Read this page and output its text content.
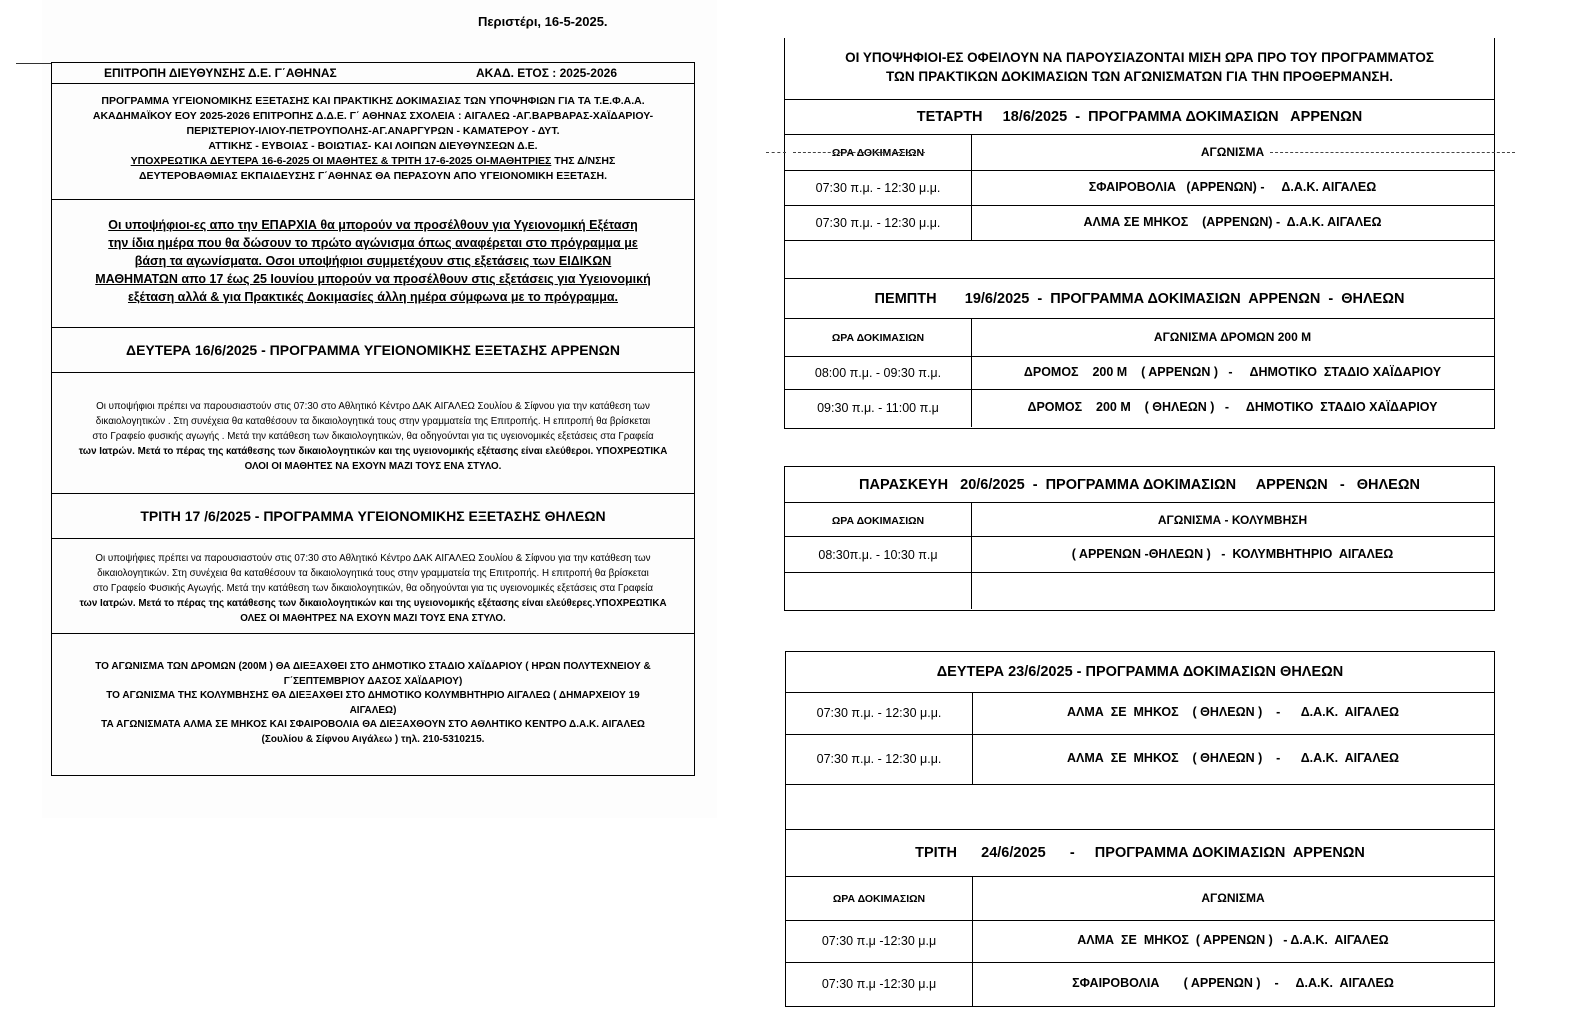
Περιστέρι, 16-5-2025.
ΕΠΙΤΡΟΠΗ ΔΙΕΥΘΥΝΣΗΣ Δ.Ε. Γ΄ΑΘΗΝΑΣ	ΑΚΑΔ. ΕΤΟΣ : 2025-2026
ΠΡΟΓΡΑΜΜΑ ΥΓΕΙΟΝΟΜΙΚΗΣ ΕΞΕΤΑΣΗΣ ΚΑΙ ΠΡΑΚΤΙΚΗΣ ΔΟΚΙΜΑΣΙΑΣ ΤΩΝ ΥΠΟΨΗΦΙΩΝ ΓΙΑ ΤΑ Τ.Ε.Φ.Α.Α.
ΑΚΑΔΗΜΑΪΚΟΥ ΕΟΥ 2025-2026 ΕΠΙΤΡΟΠΗΣ Δ.Δ.Ε. Γ΄ ΑΘΗΝΑΣ ΣΧΟΛΕΙΑ : ΑΙΓΑΛΕΩ -ΑΓ.ΒΑΡΒΑΡΑΣ-ΧΑΪΔΑΡΙΟΥ-
ΠΕΡΙΣΤΕΡΙΟΥ-ΙΛΙΟΥ-ΠΕΤΡΟΥΠΟΛΗΣ-ΑΓ.ΑΝΑΡΓΥΡΩΝ - ΚΑΜΑΤΕΡΟΥ - ΔΥΤ.
ΑΤΤΙΚΗΣ - ΕΥΒΟΙΑΣ - ΒΟΙΩΤΙΑΣ- ΚΑΙ ΛΟΙΠΩΝ ΔΙΕΥΘΥΝΣΕΩΝ Δ.Ε.
ΥΠΟΧΡΕΩΤΙΚΑ ΔΕΥΤΕΡΑ 16-6-2025 ΟΙ ΜΑΘΗΤΕΣ & ΤΡΙΤΗ 17-6-2025 ΟΙ-ΜΑΘΗΤΡΙΕΣ ΤΗΣ Δ/ΝΣΗΣ
ΔΕΥΤΕΡΟΒΑΘΜΙΑΣ ΕΚΠΑΙΔΕΥΣΗΣ Γ΄ΑΘΗΝΑΣ ΘΑ ΠΕΡΑΣΟΥΝ ΑΠΟ ΥΓΕΙΟΝΟΜΙΚΗ ΕΞΕΤΑΣΗ.
Οι υποψήφιοι-ες απο την ΕΠΑΡΧΙΑ θα μπορούν να προσέλθουν για Υγειονομική Εξέταση
την ίδια ημέρα που θα δώσουν το πρώτο αγώνισμα όπως αναφέρεται στο πρόγραμμα με
βάση τα αγωνίσματα. Οσοι υποψήφιοι συμμετέχουν στις εξετάσεις των ΕΙΔΙΚΩΝ
ΜΑΘΗΜΑΤΩΝ απο 17 έως 25 Ιουνίου μπορούν να προσέλθουν στις εξετάσεις για Υγειονομική
εξέταση αλλά & για Πρακτικές Δοκιμασίες άλλη ημέρα σύμφωνα με το πρόγραμμα.
ΔΕΥΤΕΡΑ 16/6/2025 - ΠΡΟΓΡΑΜΜΑ ΥΓΕΙΟΝΟΜΙΚΗΣ ΕΞΕΤΑΣΗΣ ΑΡΡΕΝΩΝ
Οι υποψήφιοι πρέπει να παρουσιαστούν στις 07:30 στο Αθλητικό Κέντρο ΔΑΚ ΑΙΓΑΛΕΩ Σουλίου & Σίφνου για την κατάθεση των
δικαιολογητικών . Στη συνέχεια θα καταθέσουν τα δικαιολογητικά τους στην γραμματεία της Επιτροπής. Η επιτροπή θα βρίσκεται
στο Γραφείο φυσικής αγωγής . Μετά την κατάθεση των δικαιολογητικών, θα οδηγούνται για τις υγειονομικές εξετάσεις στα Γραφεία
των Ιατρών. Μετά το πέρας της κατάθεσης των δικαιολογητικών και της υγειονομικής εξέτασης είναι ελεύθεροι. ΥΠΟΧΡΕΩΤΙΚΑ
ΟΛΟΙ ΟΙ ΜΑΘΗΤΕΣ ΝΑ ΕΧΟΥΝ ΜΑΖΙ ΤΟΥΣ ΕΝΑ ΣΤΥΛΟ.
ΤΡΙΤΗ 17 /6/2025 - ΠΡΟΓΡΑΜΜΑ ΥΓΕΙΟΝΟΜΙΚΗΣ ΕΞΕΤΑΣΗΣ ΘΗΛΕΩΝ
Οι υποψήφιες πρέπει να παρουσιαστούν στις 07:30 στο Αθλητικό Κέντρο ΔΑΚ ΑΙΓΑΛΕΩ Σουλίου & Σίφνου για την κατάθεση των
δικαιολογητικών. Στη συνέχεια θα καταθέσουν τα δικαιολογητικά τους στην γραμματεία της Επιτροπής. Η επιτροπή θα βρίσκεται
στο Γραφείο Φυσικής Αγωγής. Μετά την κατάθεση των δικαιολογητικών, θα οδηγούνται για τις υγειονομικές εξετάσεις στα Γραφεία
των Ιατρών. Μετά το πέρας της κατάθεσης των δικαιολογητικών και της υγειονομικής εξέτασης είναι ελεύθερες.ΥΠΟΧΡΕΩΤΙΚΑ
ΟΛΕΣ ΟΙ ΜΑΘΗΤΡΕΣ ΝΑ ΕΧΟΥΝ ΜΑΖΙ ΤΟΥΣ ΕΝΑ ΣΤΥΛΟ.
ΤΟ ΑΓΩΝΙΣΜΑ ΤΩΝ ΔΡΟΜΩΝ (200Μ ) ΘΑ ΔΙΕΞΑΧΘΕΙ ΣΤΟ ΔΗΜΟΤΙΚΟ ΣΤΑΔΙΟ ΧΑΪΔΑΡΙΟΥ ( ΗΡΩΝ ΠΟΛΥΤΕΧΝΕΙΟΥ &
Γ΄ΣΕΠΤΕΜΒΡΙΟΥ ΔΑΣΟΣ ΧΑΪΔΑΡΙΟΥ)
ΤΟ ΑΓΩΝΙΣΜΑ ΤΗΣ ΚΟΛΥΜΒΗΣΗΣ ΘΑ ΔΙΕΞΑΧΘΕΙ ΣΤΟ ΔΗΜΟΤΙΚΟ ΚΟΛΥΜΒΗΤΗΡΙΟ ΑΙΓΑΛΕΩ ( ΔΗΜΑΡΧΕΙΟΥ 19
ΑΙΓΑΛΕΩ)
ΤΑ ΑΓΩΝΙΣΜΑΤΑ ΑΛΜΑ ΣΕ ΜΗΚΟΣ ΚΑΙ ΣΦΑΙΡΟΒΟΛΙΑ ΘΑ ΔΙΕΞΑΧΘΟΥΝ ΣΤΟ ΑΘΛΗΤΙΚΟ ΚΕΝΤΡΟ Δ.Α.Κ. ΑΙΓΑΛΕΩ
(Σουλίου & Σίφνου Αιγάλεω ) τηλ. 210-5310215.
ΟΙ ΥΠΟΨΗΦΙΟΙ-ΕΣ ΟΦΕΙΛΟΥΝ ΝΑ ΠΑΡΟΥΣΙΑΖΟΝΤΑΙ ΜΙΣΗ ΩΡΑ ΠΡΟ ΤΟΥ ΠΡΟΓΡΑΜΜΑΤΟΣ
ΤΩΝ ΠΡΑΚΤΙΚΩΝ ΔΟΚΙΜΑΣΙΩΝ ΤΩΝ ΑΓΩΝΙΣΜΑΤΩΝ ΓΙΑ ΤΗΝ ΠΡΟΘΕΡΜΑΝΣΗ.
ΤΕΤΑΡΤΗ     18/6/2025  -  ΠΡΟΓΡΑΜΜΑ ΔΟΚΙΜΑΣΙΩΝ   ΑΡΡΕΝΩΝ
ΩΡΑ ΔΟΚΙΜΑΣΙΩΝ	ΑΓΩΝΙΣΜΑ
07:30 π.μ. - 12:30 μ.μ.	ΣΦΑΙΡΟΒΟΛΙΑ   (ΑΡΡΕΝΩΝ) -     Δ.Α.Κ. ΑΙΓΑΛΕΩ
07:30 π.μ. - 12:30 μ.μ.	ΑΛΜΑ ΣΕ ΜΗΚΟΣ    (ΑΡΡΕΝΩΝ) -  Δ.Α.Κ. ΑΙΓΑΛΕΩ
ΠΕΜΠΤΗ       19/6/2025  -  ΠΡΟΓΡΑΜΜΑ ΔΟΚΙΜΑΣΙΩΝ  ΑΡΡΕΝΩΝ  -  ΘΗΛΕΩΝ
ΩΡΑ ΔΟΚΙΜΑΣΙΩΝ	ΑΓΩΝΙΣΜΑ ΔΡΟΜΩΝ 200 Μ
08:00 π.μ. - 09:30 π.μ.	ΔΡΟΜΟΣ    200 Μ    ( ΑΡΡΕΝΩΝ )   -     ΔΗΜΟΤΙΚΟ  ΣΤΑΔΙΟ ΧΑΪΔΑΡΙΟΥ
09:30 π.μ. - 11:00 π.μ	ΔΡΟΜΟΣ    200 Μ    ( ΘΗΛΕΩΝ )   -     ΔΗΜΟΤΙΚΟ  ΣΤΑΔΙΟ ΧΑΪΔΑΡΙΟΥ
ΠΑΡΑΣΚΕΥΗ   20/6/2025  -  ΠΡΟΓΡΑΜΜΑ ΔΟΚΙΜΑΣΙΩΝ     ΑΡΡΕΝΩΝ   -   ΘΗΛΕΩΝ
ΩΡΑ ΔΟΚΙΜΑΣΙΩΝ	ΑΓΩΝΙΣΜΑ - ΚΟΛΥΜΒΗΣΗ
08:30π.μ. - 10:30 π.μ	( ΑΡΡΕΝΩΝ -ΘΗΛΕΩΝ )   -  ΚΟΛΥΜΒΗΤΗΡΙΟ  ΑΙΓΑΛΕΩ
ΔΕΥΤΕΡΑ 23/6/2025 - ΠΡΟΓΡΑΜΜΑ ΔΟΚΙΜΑΣΙΩΝ ΘΗΛΕΩΝ
07:30 π.μ. - 12:30 μ.μ.	ΑΛΜΑ  ΣΕ  ΜΗΚΟΣ    ( ΘΗΛΕΩΝ )    -      Δ.Α.Κ.  ΑΙΓΑΛΕΩ
07:30 π.μ. - 12:30 μ.μ.	ΑΛΜΑ  ΣΕ  ΜΗΚΟΣ    ( ΘΗΛΕΩΝ )    -      Δ.Α.Κ.  ΑΙΓΑΛΕΩ
ΤΡΙΤΗ      24/6/2025      -     ΠΡΟΓΡΑΜΜΑ ΔΟΚΙΜΑΣΙΩΝ  ΑΡΡΕΝΩΝ
ΩΡΑ ΔΟΚΙΜΑΣΙΩΝ	ΑΓΩΝΙΣΜΑ
07:30 π.μ -12:30 μ.μ	ΑΛΜΑ  ΣΕ  ΜΗΚΟΣ  ( ΑΡΡΕΝΩΝ )   - Δ.Α.Κ.  ΑΙΓΑΛΕΩ
07:30 π.μ -12:30 μ.μ	ΣΦΑΙΡΟΒΟΛΙΑ       ( ΑΡΡΕΝΩΝ )    -     Δ.Α.Κ.  ΑΙΓΑΛΕΩ
